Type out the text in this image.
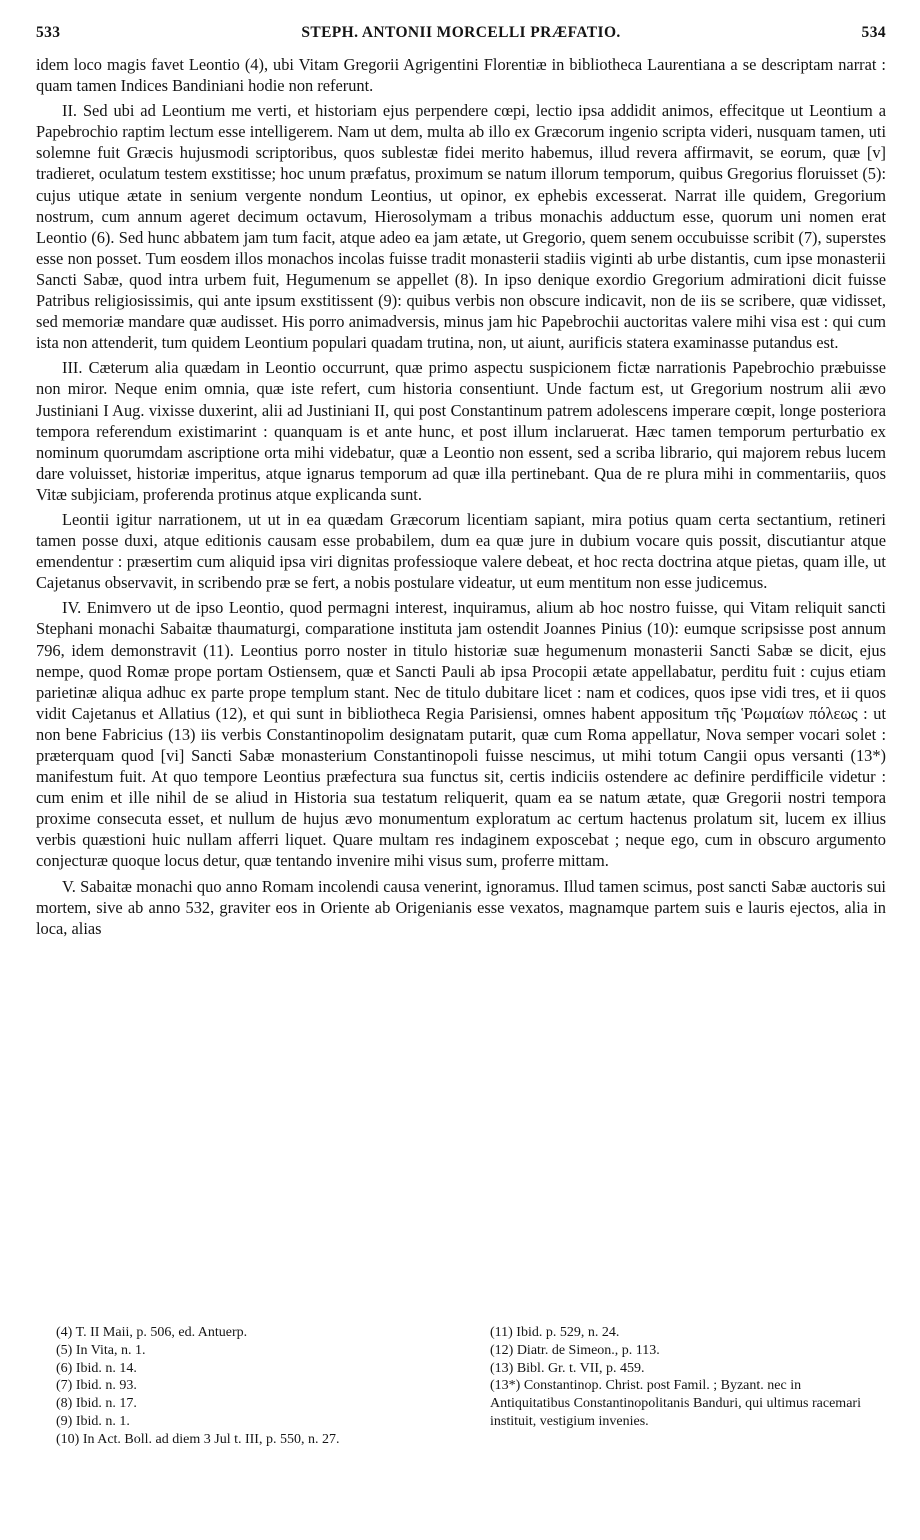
533	STEPH. ANTONII MORCELLI PRÆFATIO.	534

idem loco magis favet Leontio (4), ubi Vitam Gregorii Agrigentini Florentiæ in bibliotheca Laurentiana a se descriptam narrat : quam tamen Indices Bandiniani hodie non referunt.

II. Sed ubi ad Leontium me verti, et historiam ejus perpendere cœpi, lectio ipsa addidit animos, effecitque ut Leontium a Papebrochio raptim lectum esse intelligerem. Nam ut dem, multa ab illo ex Græcorum ingenio scripta videri, nusquam tamen, uti solemne fuit Græcis hujusmodi scriptoribus, quos sublestæ fidei merito habemus, illud revera affirmavit, se eorum, quæ [v] tradieret, oculatum testem exstitisse; hoc unum præfatus, proximum se natum illorum temporum, quibus Gregorius floruisset (5): cujus utique ætate in senium vergente nondum Leontius, ut opinor, ex ephebis excesserat. Narrat ille quidem, Gregorium nostrum, cum annum ageret decimum octavum, Hierosolymam a tribus monachis adductum esse, quorum uni nomen erat Leontio (6). Sed hunc abbatem jam tum facit, atque adeo ea jam ætate, ut Gregorio, quem senem occubuisse scribit (7), superstes esse non posset. Tum eosdem illos monachos incolas fuisse tradit monasterii stadiis viginti ab urbe distantis, cum ipse monasterii Sancti Sabæ, quod intra urbem fuit, Hegumenum se appellet (8). In ipso denique exordio Gregorium admirationi dicit fuisse Patribus religiosissimis, qui ante ipsum exstitissent (9): quibus verbis non obscure indicavit, non de iis se scribere, quæ vidisset, sed memoriæ mandare quæ audisset. His porro animadversis, minus jam hic Papebrochii auctoritas valere mihi visa est : qui cum ista non attenderit, tum quidem Leontium populari quadam trutina, non, ut aiunt, aurificis statera examinasse putandus est.

III. Cæterum alia quædam in Leontio occurrunt, quæ primo aspectu suspicionem fictæ narrationis Papebrochio præbuisse non miror. Neque enim omnia, quæ iste refert, cum historia consentiunt. Unde factum est, ut Gregorium nostrum alii ævo Justiniani I Aug. vixisse duxerint, alii ad Justiniani II, qui post Constantinum patrem adolescens imperare cœpit, longe posteriora tempora referendum existimarint : quanquam is et ante hunc, et post illum inclaruerat. Hæc tamen temporum perturbatio ex nominum quorumdam ascriptione orta mihi videbatur, quæ a Leontio non essent, sed a scriba librario, qui majorem rebus lucem dare voluisset, historiæ imperitus, atque ignarus temporum ad quæ illa pertinebant. Qua de re plura mihi in commentariis, quos Vitæ subjiciam, proferenda protinus atque explicanda sunt.

Leontii igitur narrationem, ut ut in ea quædam Græcorum licentiam sapiant, mira potius quam certa sectantium, retineri tamen posse duxi, atque editionis causam esse probabilem, dum ea quæ jure in dubium vocare quis possit, discutiantur atque emendentur : præsertim cum aliquid ipsa viri dignitas professioque valere debeat, et hoc recta doctrina atque pietas, quam ille, ut Cajetanus observavit, in scribendo præ se fert, a nobis postulare videatur, ut eum mentitum non esse judicemus.

IV. Enimvero ut de ipso Leontio, quod permagni interest, inquiramus, alium ab hoc nostro fuisse, qui Vitam reliquit sancti Stephani monachi Sabaitæ thaumaturgi, comparatione instituta jam ostendit Joannes Pinius (10): eumque scripsisse post annum 796, idem demonstravit (11). Leontius porro noster in titulo historiæ suæ hegumenum monasterii Sancti Sabæ se dicit, ejus nempe, quod Romæ prope portam Ostiensem, quæ et Sancti Pauli ab ipsa Procopii ætate appellabatur, perditu fuit : cujus etiam parietinæ aliqua adhuc ex parte prope templum stant. Nec de titulo dubitare licet : nam et codices, quos ipse vidi tres, et ii quos vidit Cajetanus et Allatius (12), et qui sunt in bibliotheca Regia Parisiensi, omnes habent appositum τῆς Ῥωμαίων πόλεως : ut non bene Fabricius (13) iis verbis Constantinopolim designatam putarit, quæ cum Roma appellatur, Nova semper vocari solet : præterquam quod [vi] Sancti Sabæ monasterium Constantinopoli fuisse nescimus, ut mihi totum Cangii opus versanti (13*) manifestum fuit. At quo tempore Leontius præfectura sua functus sit, certis indiciis ostendere ac definire perdifficile videtur : cum enim et ille nihil de se aliud in Historia sua testatum reliquerit, quam ea se natum ætate, quæ Gregorii nostri tempora proxime consecuta esset, et nullum de hujus ævo monumentum exploratum ac certum hactenus prolatum sit, lucem ex illius verbis quæstioni huic nullam afferri liquet. Quare multam res indaginem exposcebat ; neque ego, cum in obscuro argumento conjecturæ quoque locus detur, quæ tentando invenire mihi visus sum, proferre mittam.

V. Sabaitæ monachi quo anno Romam incolendi causa venerint, ignoramus. Illud tamen scimus, post sancti Sabæ auctoris sui mortem, sive ab anno 532, graviter eos in Oriente ab Origenianis esse vexatos, magnamque partem suis e lauris ejectos, alia in loca, alias

(4) T. II Maii, p. 506, ed. Antuerp.
(5) In Vita, n. 1.
(6) Ibid. n. 14.
(7) Ibid. n. 93.
(8) Ibid. n. 17.
(9) Ibid. n. 1.
(10) In Act. Boll. ad diem 3 Jul t. III, p. 550, n. 27.
(11) Ibid. p. 529, n. 24.
(12) Diatr. de Simeon., p. 113.
(13) Bibl. Gr. t. VII, p. 459.
(13*) Constantinop. Christ. post Famil. ; Byzant. nec in Antiquitatibus Constantinopolitanis Banduri, qui ultimus racemari instituit, vestigium invenies.
